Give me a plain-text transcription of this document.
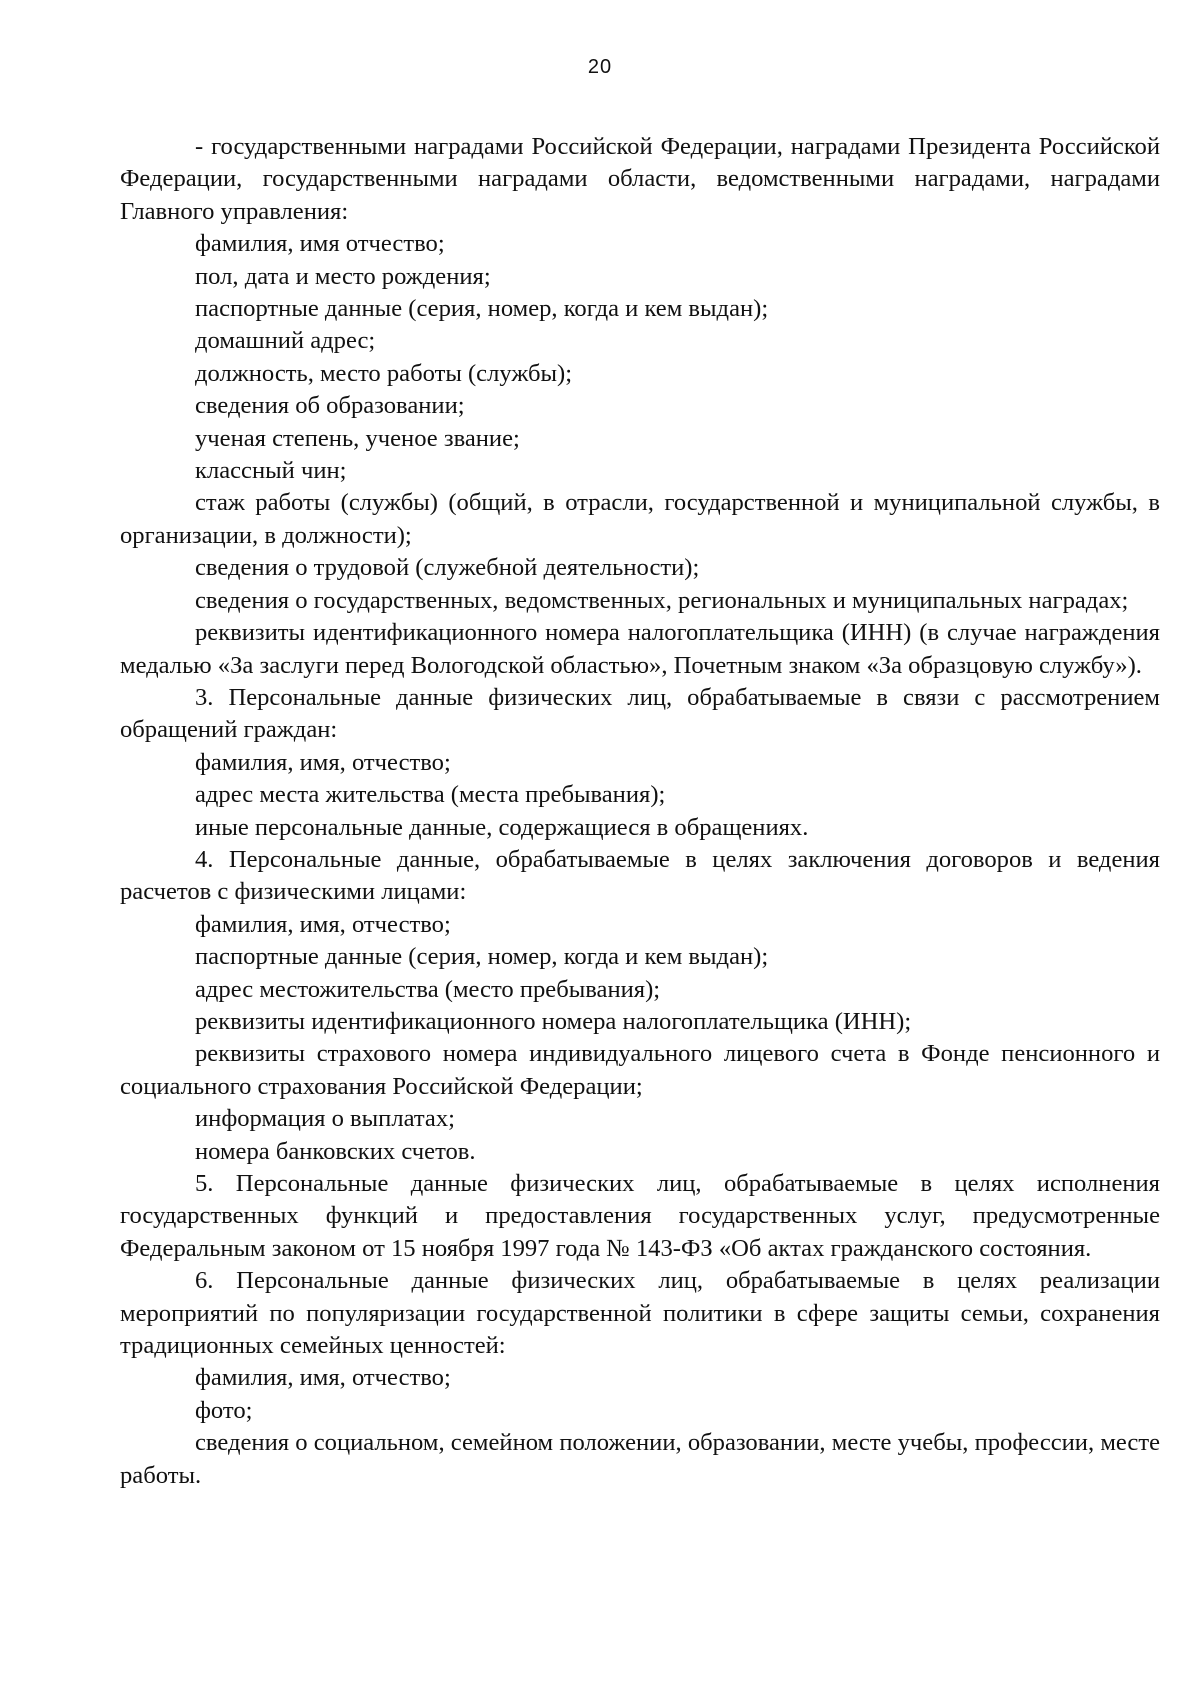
20

- государственными наградами Российской Федерации, наградами Президента Российской Федерации, государственными наградами области, ведомственными наградами, наградами Главного управления:

фамилия, имя отчество;

пол, дата и место рождения;

паспортные данные (серия, номер, когда и кем выдан);

домашний адрес;

должность, место работы (службы);

сведения об образовании;

ученая степень, ученое звание;

классный чин;

стаж работы (службы) (общий, в отрасли, государственной и муниципальной службы, в организации, в должности);

сведения о трудовой (служебной деятельности);

сведения о государственных, ведомственных, региональных и муниципальных наградах;

реквизиты идентификационного номера налогоплательщика (ИНН) (в случае награждения медалью «За заслуги перед Вологодской областью», Почетным знаком «За образцовую службу»).

3. Персональные данные физических лиц, обрабатываемые в связи с рассмотрением обращений граждан:

фамилия, имя, отчество;

адрес места жительства (места пребывания);

иные персональные данные, содержащиеся в обращениях.

4. Персональные данные, обрабатываемые в целях заключения договоров и ведения расчетов с физическими лицами:

фамилия, имя, отчество;

паспортные данные (серия, номер, когда и кем выдан);

адрес местожительства (место пребывания);

реквизиты идентификационного номера налогоплательщика (ИНН);

реквизиты страхового номера индивидуального лицевого счета в Фонде пенсионного и социального страхования Российской Федерации;

информация о выплатах;

номера банковских счетов.

5. Персональные данные физических лиц, обрабатываемые в целях исполнения государственных функций и предоставления государственных услуг, предусмотренные Федеральным законом от 15 ноября 1997 года № 143-ФЗ «Об актах гражданского состояния.

6. Персональные данные физических лиц, обрабатываемые в целях реализации мероприятий по популяризации государственной политики в сфере защиты семьи, сохранения традиционных семейных ценностей:

фамилия, имя, отчество;

фото;

сведения о социальном, семейном положении, образовании, месте учебы, профессии, месте работы.
